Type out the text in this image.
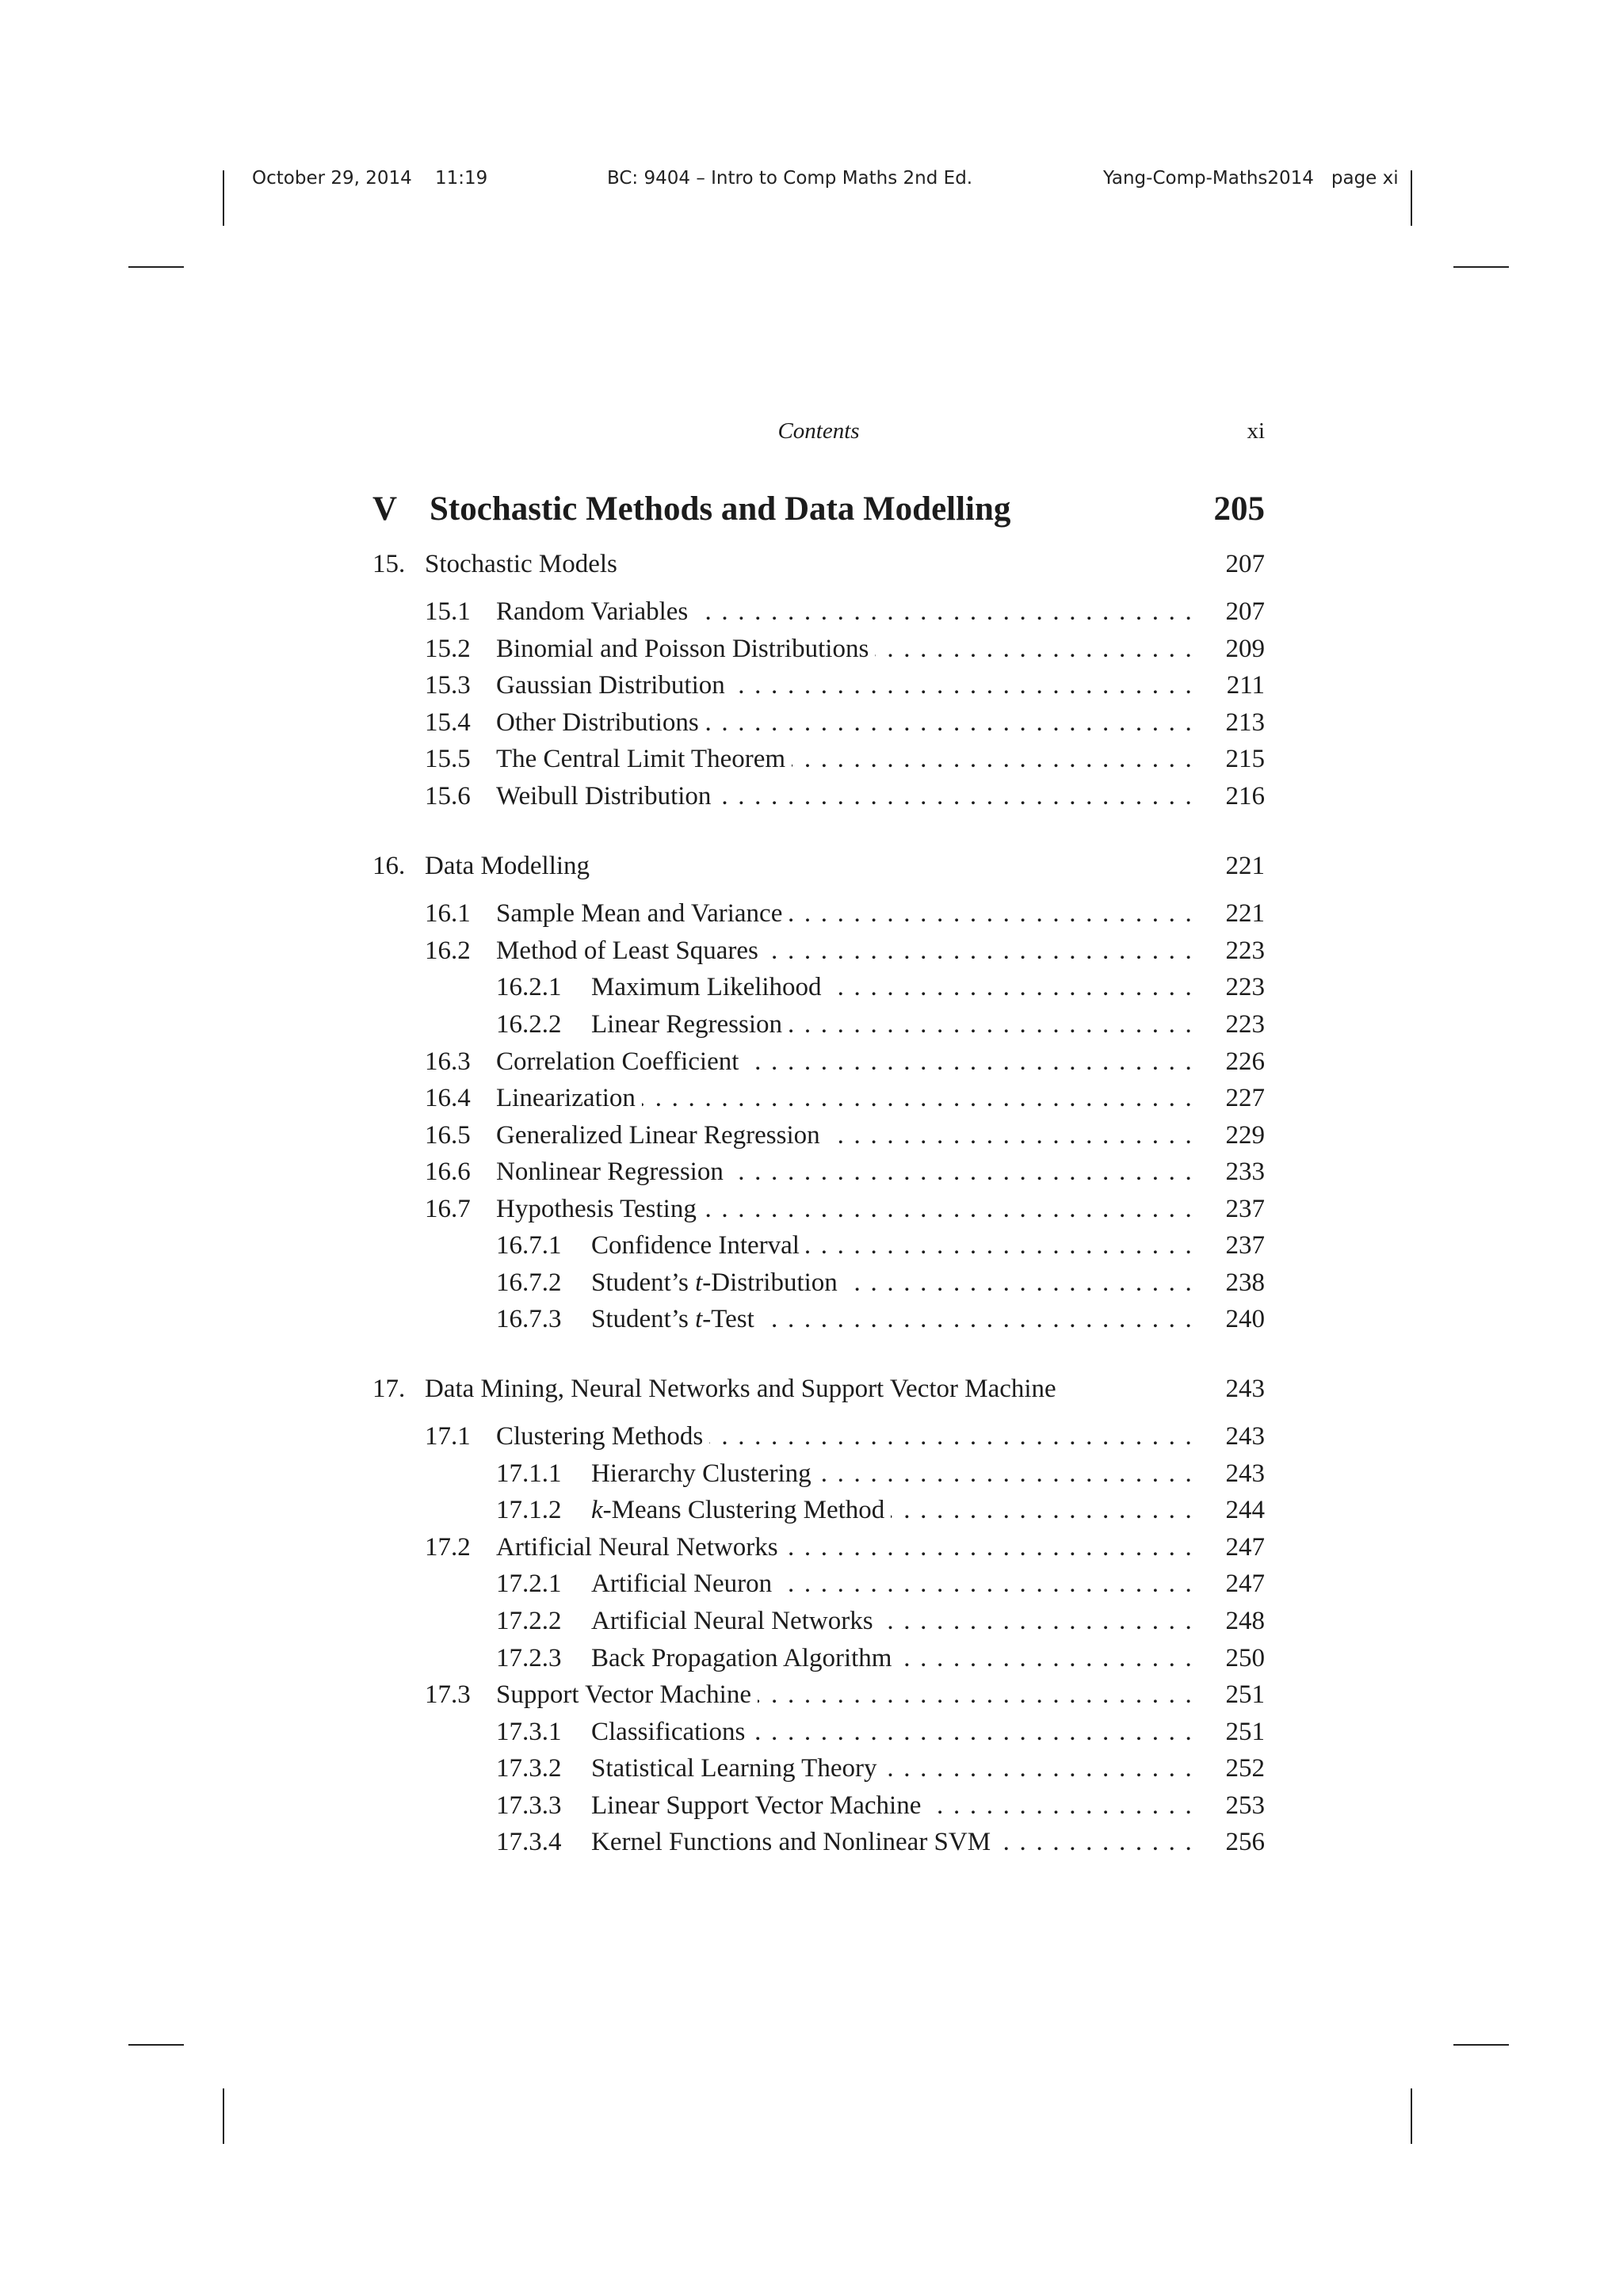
October 29, 2014 11:19	BC: 9404 – Intro to Comp Maths 2nd Ed.	Yang-Comp-Maths2014 page xi
Contents	xi
V Stochastic Methods and Data Modelling	205
15. Stochastic Models	207
15.1 Random Variables . . .	207
15.2 Binomial and Poisson Distributions . . .	209
15.3 Gaussian Distribution . . .	211
15.4 Other Distributions . . .	213
15.5 The Central Limit Theorem . . .	215
15.6 Weibull Distribution . . .	216
16. Data Modelling	221
16.1 Sample Mean and Variance . . .	221
16.2 Method of Least Squares . . .	223
16.2.1 Maximum Likelihood . . .	223
16.2.2 Linear Regression . . .	223
16.3 Correlation Coefficient . . .	226
16.4 Linearization . . .	227
16.5 Generalized Linear Regression . . .	229
16.6 Nonlinear Regression . . .	233
16.7 Hypothesis Testing . . .	237
16.7.1 Confidence Interval . . .	237
16.7.2 Student’s t-Distribution . . .	238
16.7.3 Student’s t-Test . . .	240
17. Data Mining, Neural Networks and Support Vector Machine	243
17.1 Clustering Methods . . .	243
17.1.1 Hierarchy Clustering . . .	243
17.1.2 k-Means Clustering Method . . .	244
17.2 Artificial Neural Networks . . .	247
17.2.1 Artificial Neuron . . .	247
17.2.2 Artificial Neural Networks . . .	248
17.2.3 Back Propagation Algorithm . . .	250
17.3 Support Vector Machine . . .	251
17.3.1 Classifications . . .	251
17.3.2 Statistical Learning Theory . . .	252
17.3.3 Linear Support Vector Machine . . .	253
17.3.4 Kernel Functions and Nonlinear SVM . . .	256
